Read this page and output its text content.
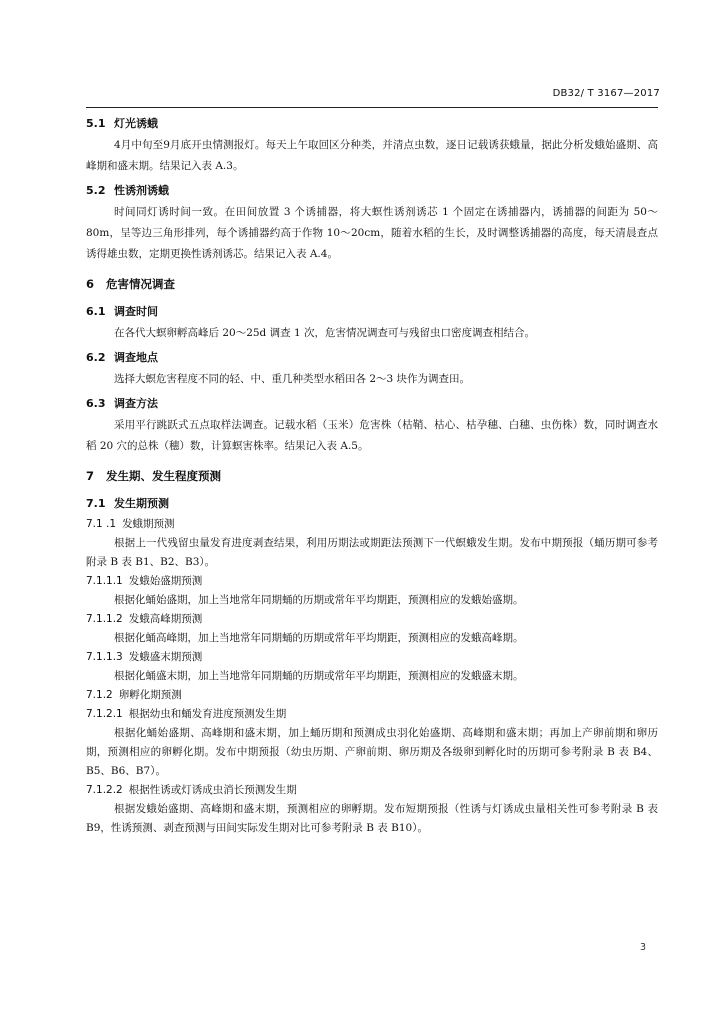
DB32/ T 3167—2017
5.1 灯光诱蛾

4月中旬至9月底开虫情测报灯。每天上午取回区分种类，并清点虫数，逐日记载诱获蛾量，据此分析发蛾始盛期、高峰期和盛末期。结果记入表 A.3。

5.2 性诱剂诱蛾

时间同灯诱时间一致。在田间放置 3 个诱捕器，将大螟性诱剂诱芯 1 个固定在诱捕器内，诱捕器的间距为 50～80m，呈等边三角形排列，每个诱捕器约高于作物 10～20cm，随着水稻的生长，及时调整诱捕器的高度，每天清晨查点诱得雄虫数，定期更换性诱剂诱芯。结果记入表 A.4。

6 危害情况调查
6.1 调查时间

在各代大螟卵孵高峰后 20～25d 调查 1 次，危害情况调查可与残留虫口密度调查相结合。

6.2 调查地点

选择大螟危害程度不同的轻、中、重几种类型水稻田各 2～3 块作为调查田。

6.3 调查方法

采用平行跳跃式五点取样法调查。记载水稻（玉米）危害株（枯鞘、枯心、枯孕穗、白穗、虫伤株）数，同时调查水稻 20 穴的总株（穗）数，计算螟害株率。结果记入表 A.5。

7 发生期、发生程度预测
7.1 发生期预测
7.1 .1 发蛾期预测

根据上一代残留虫量发育进度剥查结果，利用历期法或期距法预测下一代螟蛾发生期。发布中期预报（蛹历期可参考附录 B 表 B1、B2、B3）。

7.1.1.1 发蛾始盛期预测

根据化蛹始盛期，加上当地常年同期蛹的历期或常年平均期距，预测相应的发蛾始盛期。

7.1.1.2 发蛾高峰期预测

根据化蛹高峰期，加上当地常年同期蛹的历期或常年平均期距，预测相应的发蛾高峰期。

7.1.1.3 发蛾盛末期预测

根据化蛹盛末期，加上当地常年同期蛹的历期或常年平均期距，预测相应的发蛾盛末期。

7.1.2 卵孵化期预测
7.1.2.1 根据幼虫和蛹发育进度预测发生期

根据化蛹始盛期、高峰期和盛末期，加上蛹历期和预测成虫羽化始盛期、高峰期和盛末期；再加上产卵前期和卵历期，预测相应的卵孵化期。发布中期预报（幼虫历期、产卵前期、卵历期及各级卵到孵化时的历期可参考附录 B 表 B4、B5、B6、B7）。

7.1.2.2 根据性诱或灯诱成虫消长预测发生期

根据发蛾始盛期、高峰期和盛末期，预测相应的卵孵期。发布短期预报（性诱与灯诱成虫量相关性可参考附录 B 表 B9，性诱预测、剥查预测与田间实际发生期对比可参考附录 B 表 B10）。

3
